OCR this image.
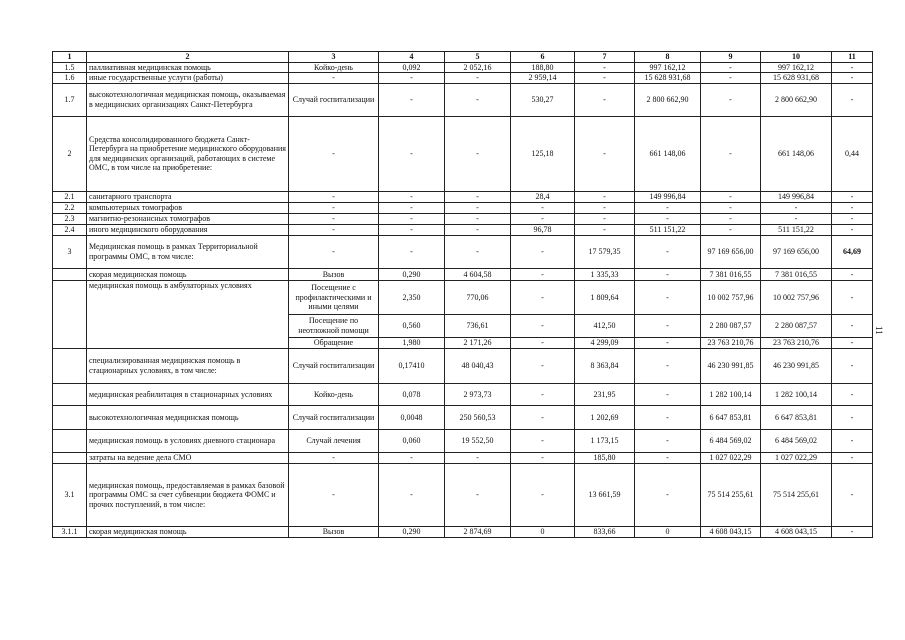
1	2	3	4	5	6	7	8	9	10	11
1.5	паллиативная медицинская помощь	Койко-день	0,092	2 052,16	188,80	-	997 162,12	-	997 162,12	-
1.6	иные государственные услуги (работы)	-	-	-	2 959,14	-	15 628 931,68	-	15 628 931,68	-
1.7	высокотехнологичная медицинская помощь, оказываемая в медицинских организациях Санкт-Петербурга	Случай госпитализации	-	-	530,27	-	2 800 662,90	-	2 800 662,90	-
2	Средства консолидированного бюджета Санкт-Петербурга на приобретение медицинского оборудования для медицинских организаций, работающих в системе ОМС, в том числе на приобретение:	-	-	-	125,18	-	661 148,06	-	661 148,06	0,44
2.1	санитарного транспорта	-	-	-	28,4	-	149 996,84	-	149 996,84	-
2.2	компьютерных томографов	-	-	-	-	-	-	-	-	-
2.3	магнитно-резонансных томографов	-	-	-	-	-	-	-	-	-
2.4	иного медицинского оборудования	-	-	-	96,78	-	511 151,22	-	511 151,22	-
3	Медицинская помощь в рамках Территориальной программы ОМС, в том числе:	-	-	-	-	17 579,35	-	97 169 656,00	97 169 656,00	64,69
	скорая медицинская помощь	Вызов	0,290	4 604,58	-	1 335,33	-	7 381 016,55	7 381 016,55	-
	медицинская помощь в амбулаторных условиях	Посещение с профилактическими и иными целями	2,350	770,06	-	1 809,64	-	10 002 757,96	10 002 757,96	-
		Посещение по неотложной помощи	0,560	736,61	-	412,50	-	2 280 087,57	2 280 087,57	-
		Обращение	1,980	2 171,26	-	4 299,09	-	23 763 210,76	23 763 210,76	-
	специализированная медицинская помощь в стационарных условиях, в том числе:	Случай госпитализации	0,17410	48 040,43	-	8 363,84	-	46 230 991,85	46 230 991,85	-
	медицинская реабилитация в стационарных условиях	Койко-день	0,078	2 973,73	-	231,95	-	1 282 100,14	1 282 100,14	-
	высокотехнологичная медицинская помощь	Случай госпитализации	0,0048	250 560,53	-	1 202,69	-	6 647 853,81	6 647 853,81	-
	медицинская помощь в условиях дневного стационара	Случай лечения	0,060	19 552,50	-	1 173,15	-	6 484 569,02	6 484 569,02	-
	затраты на ведение дела СМО	-	-	-	-	185,80	-	1 027 022,29	1 027 022,29	-
3.1	медицинская помощь, предоставляемая в рамках базовой программы ОМС за счет субвенции бюджета ФОМС и прочих поступлений, в том числе:	-	-	-	-	13 661,59	-	75 514 255,61	75 514 255,61	-
3.1.1	скорая медицинская помощь	Вызов	0,290	2 874,69	0	833,66	0	4 608 043,15	4 608 043,15	-
11
